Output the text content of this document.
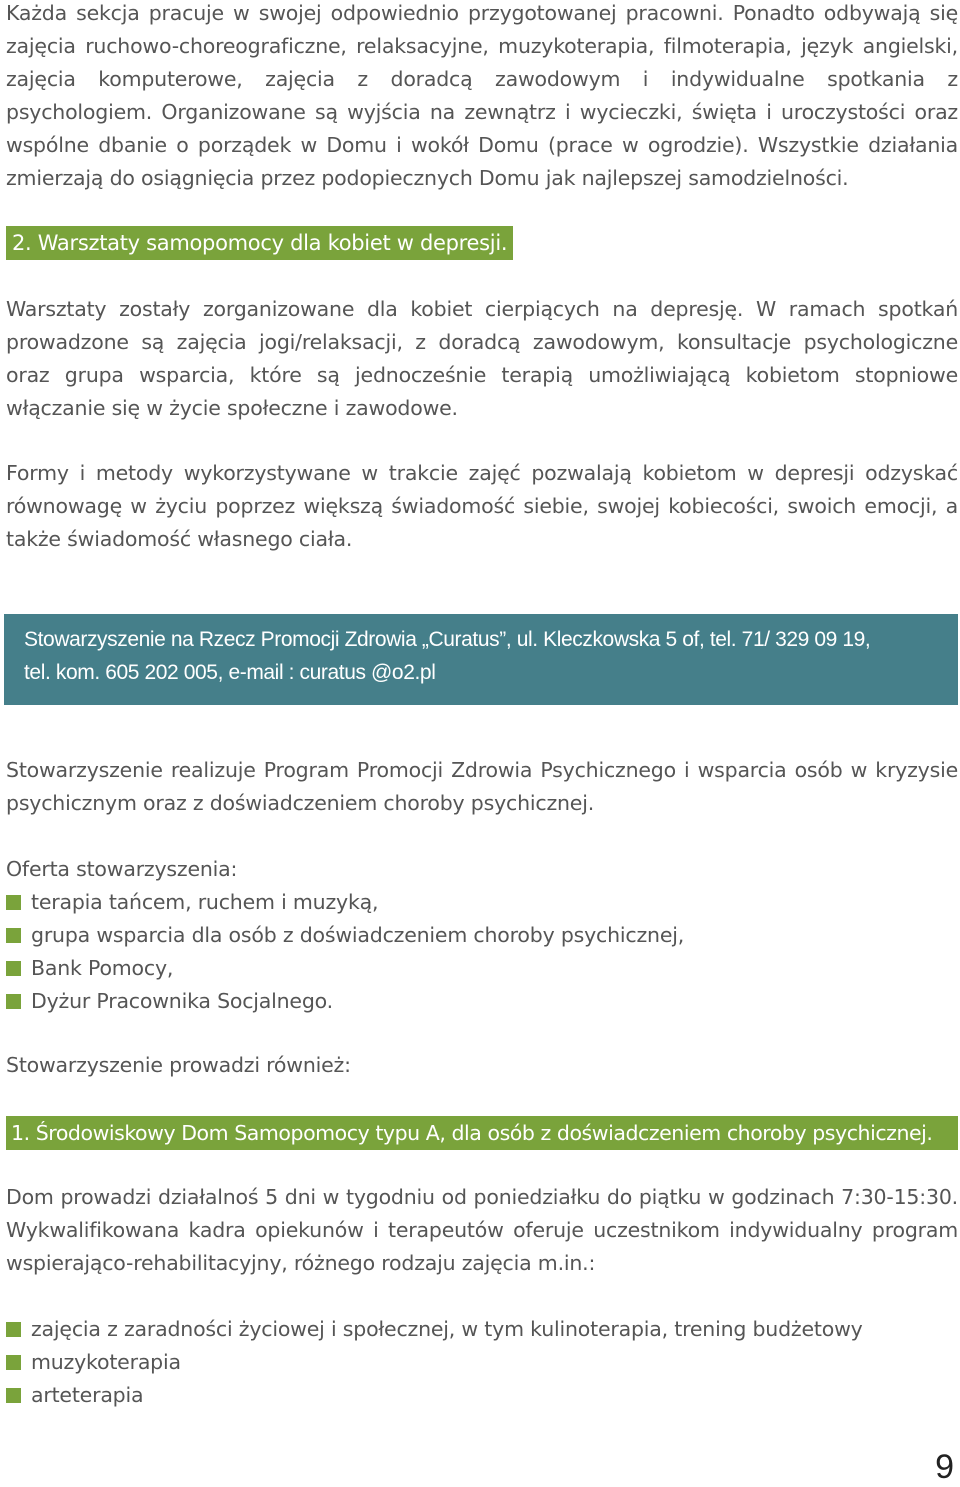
Każda sekcja pracuje w swojej odpowiednio przygotowanej pracowni. Ponadto odbywają się zajęcia ruchowo-choreograficzne, relaksacyjne, muzykoterapia, filmoterapia, język angielski, zajęcia komputerowe, zajęcia z doradcą zawodowym i indywidualne spotkania z psychologiem. Organizowane są wyjścia na zewnątrz i wycieczki, święta i uroczystości oraz wspólne dbanie o porządek w Domu i wokół Domu (prace w ogrodzie). Wszystkie działania zmierzają do osiągnięcia przez podopiecznych Domu jak najlepszej samodzielności.

2. Warsztaty samopomocy dla kobiet w depresji.

Warsztaty zostały zorganizowane dla kobiet cierpiących na depresję. W ramach spotkań prowadzone są zajęcia jogi/relaksacji, z doradcą zawodowym, konsultacje psychologiczne oraz grupa wsparcia, które są jednocześnie terapią umożliwiającą kobietom stopniowe włączanie się w życie społeczne i zawodowe.

Formy i metody wykorzystywane w trakcie zajęć pozwalają kobietom w depresji odzyskać równowagę w życiu poprzez większą świadomość siebie, swojej kobiecości, swoich emocji, a także świadomość własnego ciała.

Stowarzyszenie na Rzecz Promocji Zdrowia „Curatus”, ul. Kleczkowska 5 of, tel. 71/ 329 09 19,
tel. kom. 605 202 005, e-mail : curatus @o2.pl

Stowarzyszenie realizuje Program Promocji Zdrowia Psychicznego i wsparcia osób w kryzysie psychicznym oraz z doświadczeniem choroby psychicznej.

Oferta stowarzyszenia:

terapia tańcem, ruchem i muzyką,
grupa wsparcia dla osób z doświadczeniem choroby psychicznej,
Bank Pomocy,
Dyżur Pracownika Socjalnego.

Stowarzyszenie prowadzi również:

1. Środowiskowy Dom Samopomocy typu A, dla osób z doświadczeniem choroby psychicznej.

Dom prowadzi działalnoś 5 dni w tygodniu od poniedziałku do piątku w godzinach 7:30-15:30. Wykwalifikowana kadra opiekunów i terapeutów oferuje uczestnikom indywidualny program wspierająco-rehabilitacyjny, różnego rodzaju zajęcia m.in.:

zajęcia z zaradności życiowej i społecznej, w tym kulinoterapia, trening budżetowy
muzykoterapia
arteterapia
9
